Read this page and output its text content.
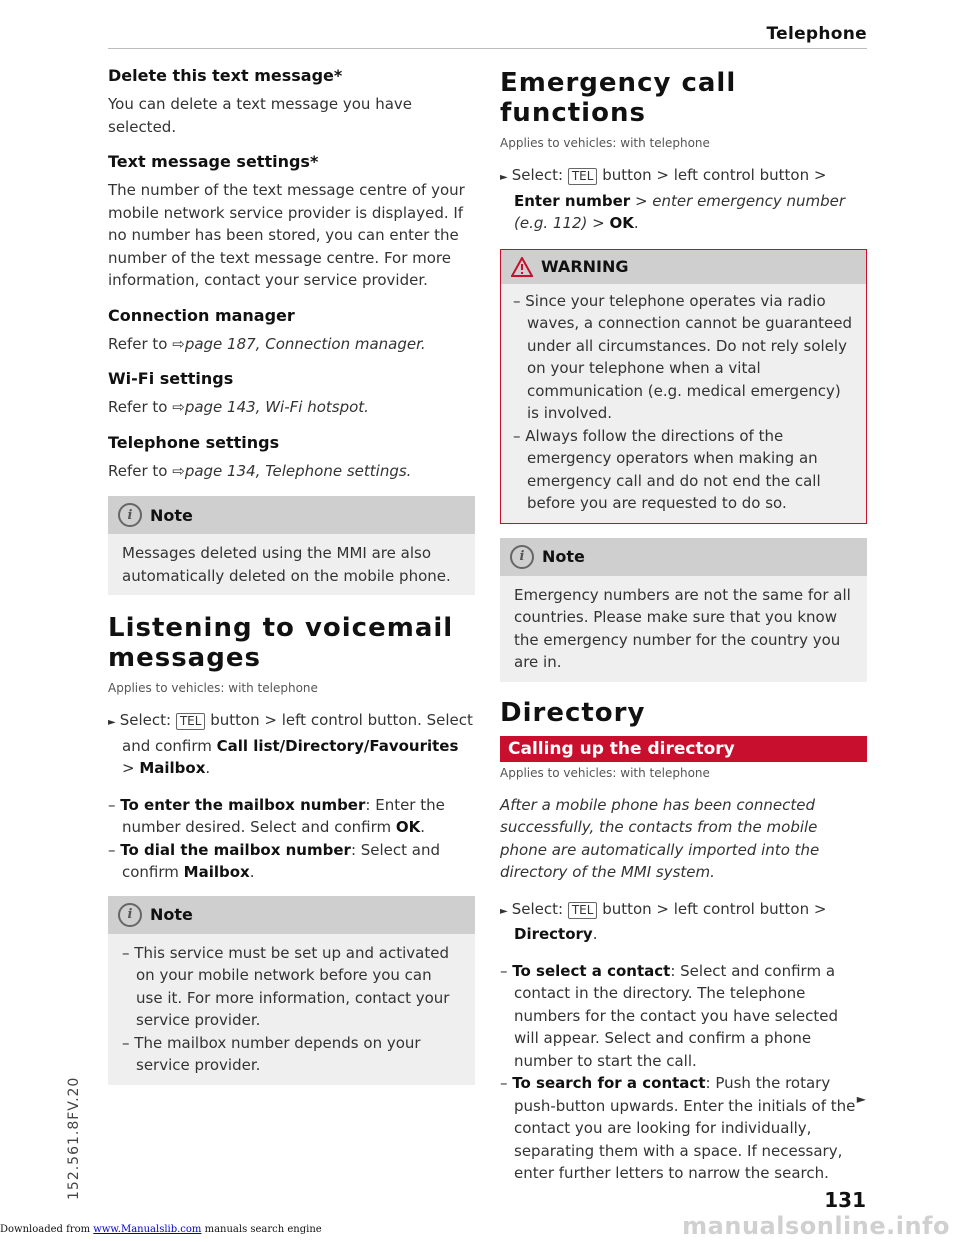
Telephone
Delete this text message*

You can delete a text message you have selected.

Text message settings*

The number of the text message centre of your mobile network service provider is displayed. If no number has been stored, you can enter the number of the text message centre. For more information, contact your service provider.

Connection manager

Refer to ⇨page 187, Connection manager.

Wi-Fi settings

Refer to ⇨page 143, Wi-Fi hotspot.

Telephone settings

Refer to ⇨page 134, Telephone settings.

i	Note
Messages deleted using the MMI are also automatically deleted on the mobile phone.
Listening to voicemail messages
Applies to vehicles: with telephone
► Select: TEL button > left control button. Select and confirm Call list/Directory/Favourites > Mailbox.
– To enter the mailbox number: Enter the number desired. Select and confirm OK.
– To dial the mailbox number: Select and confirm Mailbox.
i	Note
– This service must be set up and activated on your mobile network before you can use it. For more information, contact your service provider.
– The mailbox number depends on your service provider.
Emergency call functions
Applies to vehicles: with telephone
► Select: TEL button > left control button > Enter number > enter emergency number (e.g. 112) > OK.
WARNING
– Since your telephone operates via radio waves, a connection cannot be guaranteed under all circumstances. Do not rely solely on your telephone when a vital communication (e.g. medical emergency) is involved.
– Always follow the directions of the emergency operators when making an emergency call and do not end the call before you are requested to do so.
i	Note
Emergency numbers are not the same for all countries. Please make sure that you know the emergency number for the country you are in.
Directory
Calling up the directory
Applies to vehicles: with telephone

After a mobile phone has been connected successfully, the contacts from the mobile phone are automatically imported into the directory of the MMI system.

► Select: TEL button > left control button > Directory.
– To select a contact: Select and confirm a contact in the directory. The telephone numbers for the contact you have selected will appear. Select and confirm a phone number to start the call.
– To search for a contact: Push the rotary push-button upwards. Enter the initials of the contact you are looking for individually, separating them with a space. If necessary, enter further letters to narrow the search.
►
152.561.8FV.20	131
manualsonline.info
Downloaded from www.Manualslib.com manuals search engine
